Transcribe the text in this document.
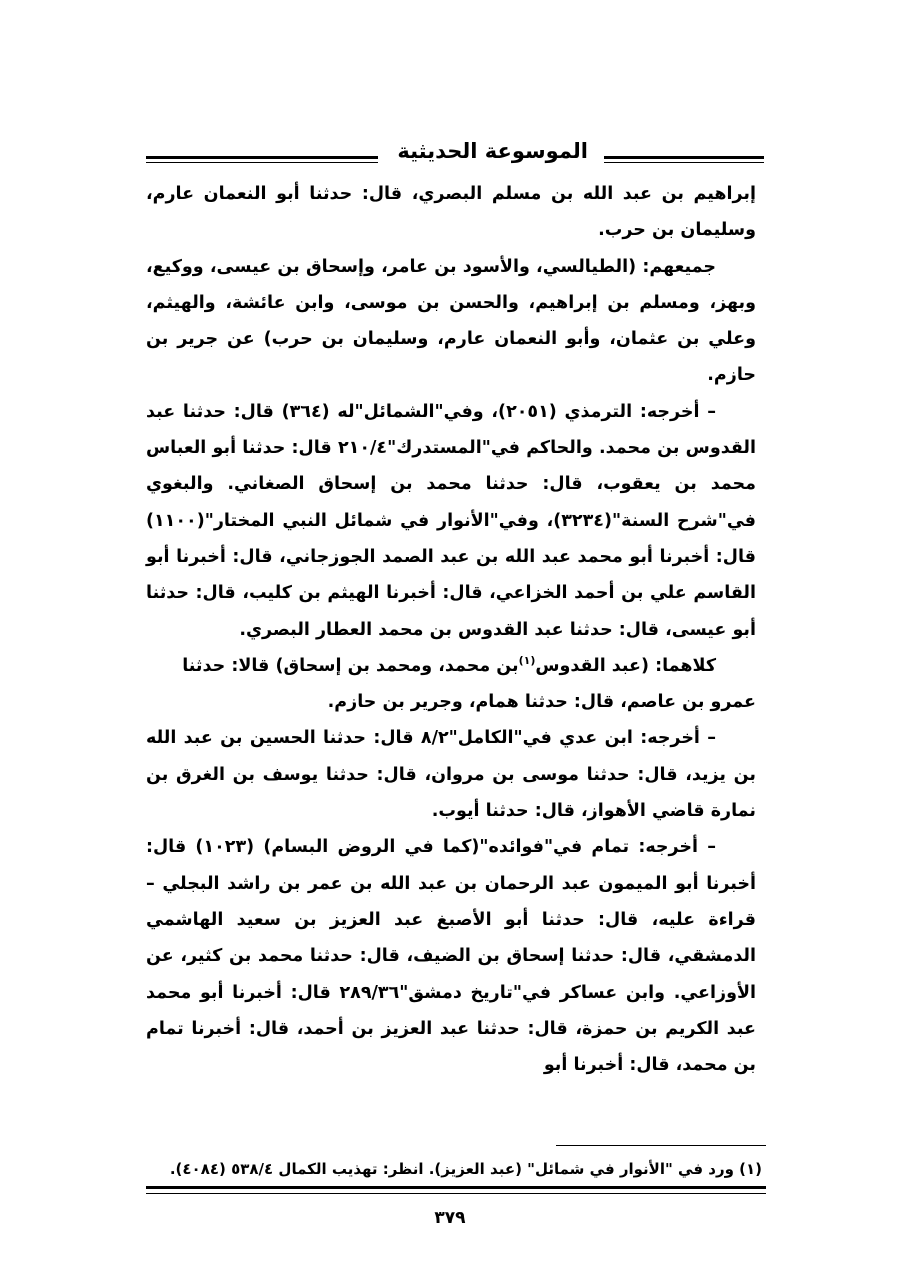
الموسوعة الحديثية

إبراهيم بن عبد الله بن مسلم البصري، قال: حدثنا أبو النعمان عارم، وسليمان بن حرب.

جميعهم: (الطيالسي، والأسود بن عامر، وإسحاق بن عيسى، ووكيع، وبهز، ومسلم بن إبراهيم، والحسن بن موسى، وابن عائشة، والهيثم، وعلي بن عثمان، وأبو النعمان عارم، وسليمان بن حرب) عن جرير بن حازم.

– أخرجه: الترمذي (٢٠٥١)، وفي"الشمائل"له (٣٦٤) قال: حدثنا عبد القدوس بن محمد. والحاكم في"المستدرك"٢١٠/٤ قال: حدثنا أبو العباس محمد بن يعقوب، قال: حدثنا محمد بن إسحاق الصغاني. والبغوي في"شرح السنة"(٣٢٣٤)، وفي"الأنوار في شمائل النبي المختار"(١١٠٠) قال: أخبرنا أبو محمد عبد الله بن عبد الصمد الجوزجاني، قال: أخبرنا أبو القاسم علي بن أحمد الخزاعي، قال: أخبرنا الهيثم بن كليب، قال: حدثنا أبو عيسى، قال: حدثنا عبد القدوس بن محمد العطار البصري.

كلاهما: (عبد القدوس$^{(١)}$بن محمد، ومحمد بن إسحاق) قالا: حدثنا

عمرو بن عاصم، قال: حدثنا همام، وجرير بن حازم.

– أخرجه: ابن عدي في"الكامل"٨/٢ قال: حدثنا الحسين بن عبد الله بن يزيد، قال: حدثنا موسى بن مروان، قال: حدثنا يوسف بن الغرق بن نمارة قاضي الأهواز، قال: حدثنا أيوب.

– أخرجه: تمام في"فوائده"(كما في الروض البسام) (١٠٢٣) قال: أخبرنا أبو الميمون عبد الرحمان بن عبد الله بن عمر بن راشد البجلي –قراءة عليه، قال: حدثنا أبو الأصبغ عبد العزيز بن سعيد الهاشمي الدمشقي، قال: حدثنا إسحاق بن الضيف، قال: حدثنا محمد بن كثير، عن الأوزاعي. وابن عساكر في"تاريخ دمشق"٢٨٩/٣٦ قال: أخبرنا أبو محمد عبد الكريم بن حمزة، قال: حدثنا عبد العزيز بن أحمد، قال: أخبرنا تمام بن محمد، قال: أخبرنا أبو

(١) ورد في "الأنوار في شمائل" (عبد العزيز). انظر: تهذيب الكمال ٥٣٨/٤ (٤٠٨٤).
٣٧٩
